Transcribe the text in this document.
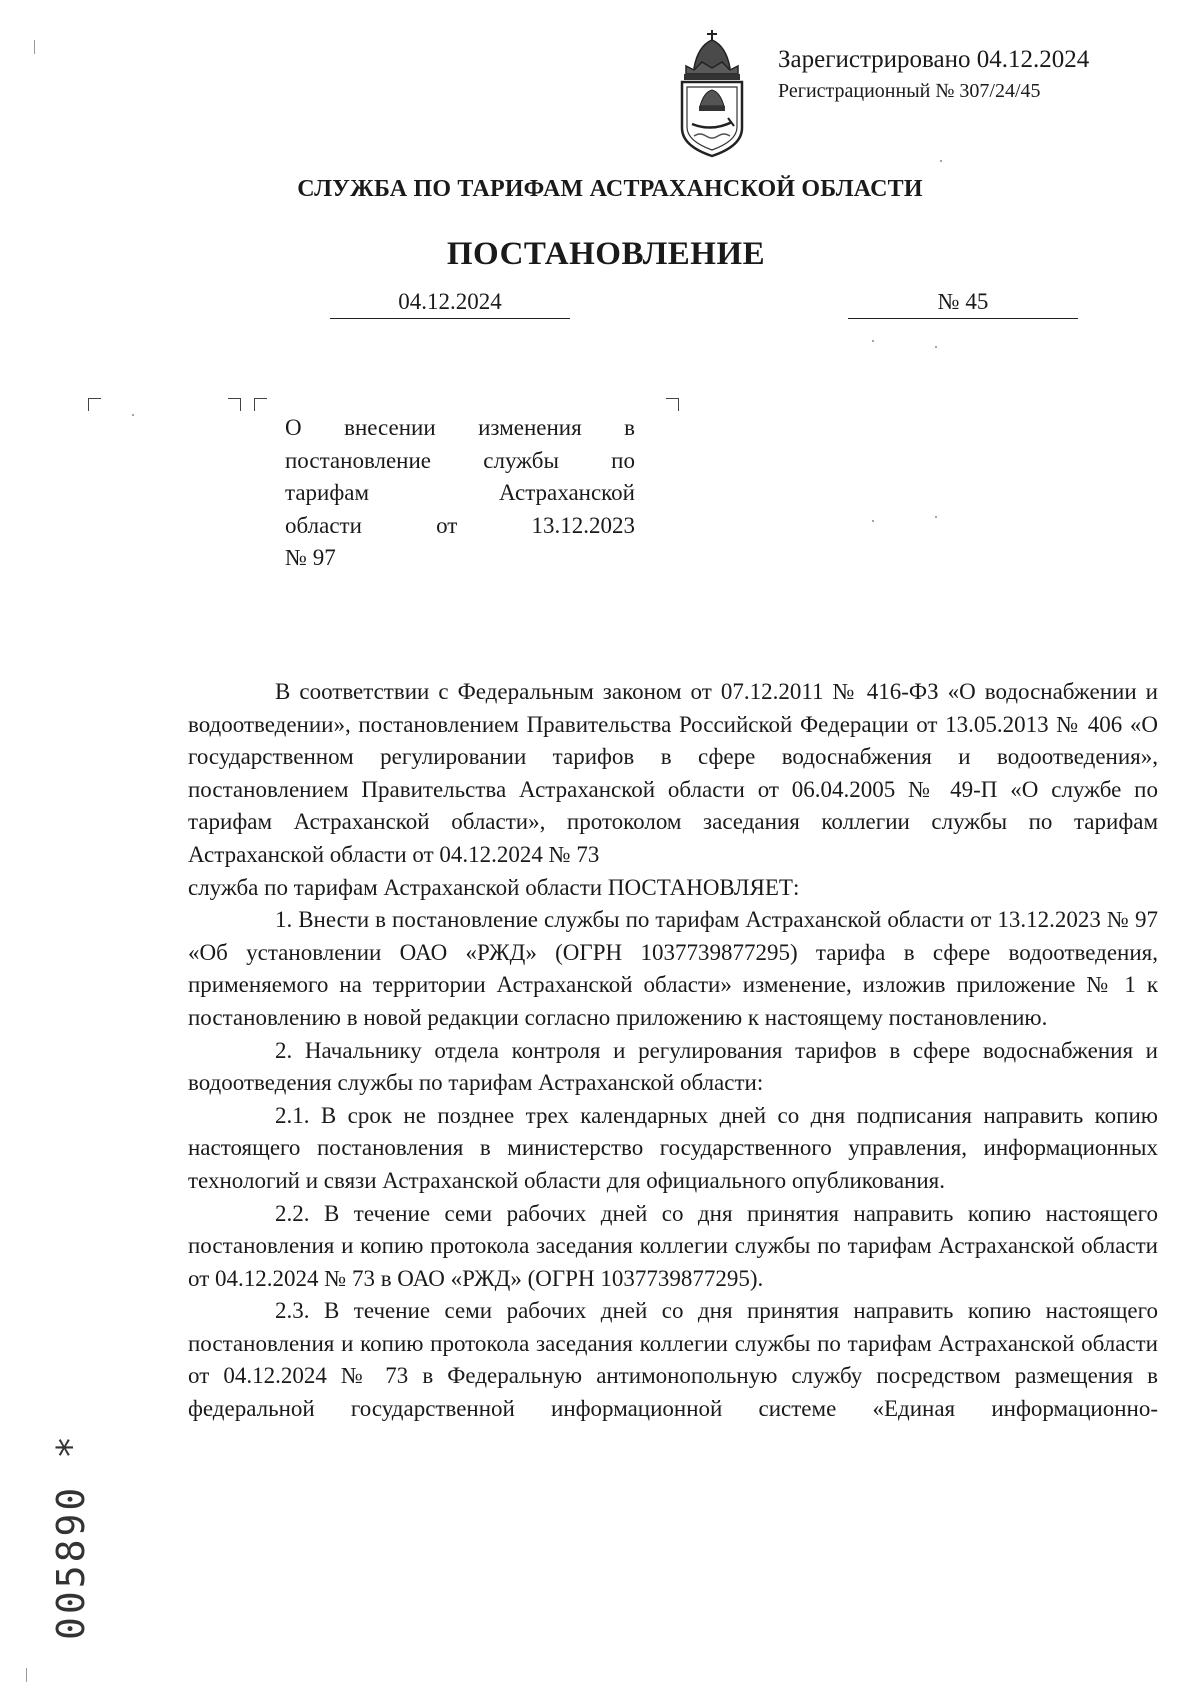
Зарегистрировано 04.12.2024
Регистрационный № 307/24/45
СЛУЖБА ПО ТАРИФАМ АСТРАХАНСКОЙ ОБЛАСТИ
ПОСТАНОВЛЕНИЕ
04.12.2024	№ 45
О внесении изменения в
постановление службы по
тарифам Астраханской
области от 13.12.2023
№ 97

В соответствии с Федеральным законом от 07.12.2011 № 416-ФЗ «О водоснабжении и водоотведении», постановлением Правительства Российской Федерации от 13.05.2013 № 406 «О государственном регулировании тарифов в сфере водоснабжения и водоотведения», постановлением Правительства Астраханской области от 06.04.2005 № 49-П «О службе по тарифам Астраханской области», протоколом заседания коллегии службы по тарифам Астраханской области от 04.12.2024 № 73

служба по тарифам Астраханской области ПОСТАНОВЛЯЕТ:

1. Внести в постановление службы по тарифам Астраханской области от 13.12.2023 № 97 «Об установлении ОАО «РЖД» (ОГРН 1037739877295) тарифа в сфере водоотведения, применяемого на территории Астраханской области» изменение, изложив приложение № 1 к постановлению в новой редакции согласно приложению к настоящему постановлению.

2. Начальнику отдела контроля и регулирования тарифов в сфере водоснабжения и водоотведения службы по тарифам Астраханской области:

2.1. В срок не позднее трех календарных дней со дня подписания направить копию настоящего постановления в министерство государственного управления, информационных технологий и связи Астраханской области для официального опубликования.

2.2. В течение семи рабочих дней со дня принятия направить копию настоящего постановления и копию протокола заседания коллегии службы по тарифам Астраханской области от 04.12.2024 № 73 в ОАО «РЖД» (ОГРН 1037739877295).

2.3. В течение семи рабочих дней со дня принятия направить копию настоящего постановления и копию протокола заседания коллегии службы по тарифам Астраханской области от 04.12.2024 № 73 в Федеральную антимонопольную службу посредством размещения в федеральной государственной информационной системе «Единая информационно-

005890 *
